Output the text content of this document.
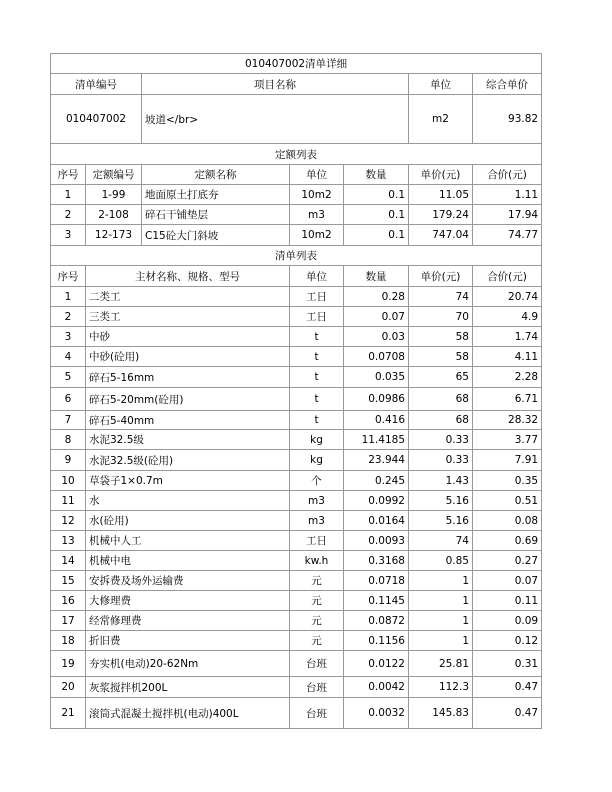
010407002清单详细						
清单编号		项目名称			单位	综合单价
010407002		坡道</br>			m2	93.82
定额列表						
序号	定额编号	定额名称	单位	数量	单价(元)	合价(元)
1	1-99	地面原土打底夯	10m2	0.1	11.05	1.11
2	2-108	碎石干铺垫层	m3	0.1	179.24	17.94
3	12-173	C15砼大门斜坡	10m2	0.1	747.04	74.77
清单列表						
序号	主材名称、规格、型号		单位	数量	单价(元)	合价(元)
1	二类工		工日	0.28	74	20.74
2	三类工		工日	0.07	70	4.9
3	中砂		t	0.03	58	1.74
4	中砂(砼用)		t	0.0708	58	4.11
5	碎石5-16mm		t	0.035	65	2.28
6	碎石5-20mm(砼用)		t	0.0986	68	6.71
7	碎石5-40mm		t	0.416	68	28.32
8	水泥32.5级		kg	11.4185	0.33	3.77
9	水泥32.5级(砼用)		kg	23.944	0.33	7.91
10	草袋子1×0.7m		个	0.245	1.43	0.35
11	水		m3	0.0992	5.16	0.51
12	水(砼用)		m3	0.0164	5.16	0.08
13	机械中人工		工日	0.0093	74	0.69
14	机械中电		kw.h	0.3168	0.85	0.27
15	安拆费及场外运输费		元	0.0718	1	0.07
16	大修理费		元	0.1145	1	0.11
17	经常修理费		元	0.0872	1	0.09
18	折旧费		元	0.1156	1	0.12
19	夯实机(电动)20-62Nm		台班	0.0122	25.81	0.31
20	灰浆搅拌机200L		台班	0.0042	112.3	0.47
21	滚筒式混凝土搅拌机(电动)400L		台班	0.0032	145.83	0.47
